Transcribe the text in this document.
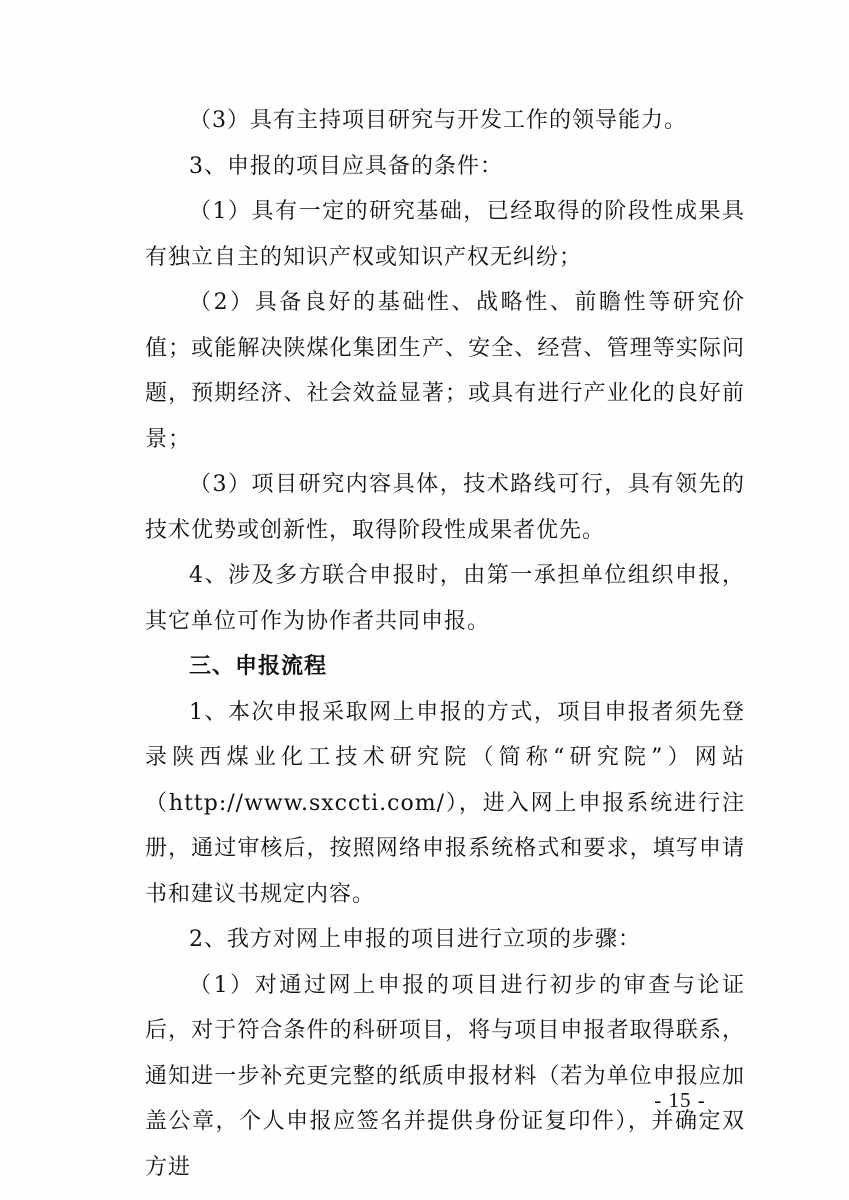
（3）具有主持项目研究与开发工作的领导能力。

3、申报的项目应具备的条件：

（1）具有一定的研究基础，已经取得的阶段性成果具有独立自主的知识产权或知识产权无纠纷；

（2）具备良好的基础性、战略性、前瞻性等研究价值；或能解决陕煤化集团生产、安全、经营、管理等实际问题，预期经济、社会效益显著；或具有进行产业化的良好前景；

（3）项目研究内容具体，技术路线可行，具有领先的技术优势或创新性，取得阶段性成果者优先。

4、涉及多方联合申报时，由第一承担单位组织申报，其它单位可作为协作者共同申报。

三、申报流程

1、本次申报采取网上申报的方式，项目申报者须先登录陕西煤业化工技术研究院（简称“研究院”）网站（http://www.sxccti.com/），进入网上申报系统进行注册，通过审核后，按照网络申报系统格式和要求，填写申请书和建议书规定内容。

2、我方对网上申报的项目进行立项的步骤：

（1）对通过网上申报的项目进行初步的审查与论证后，对于符合条件的科研项目，将与项目申报者取得联系，通知进一步补充更完整的纸质申报材料（若为单位申报应加盖公章，个人申报应签名并提供身份证复印件），并确定双方进

- 15 -
